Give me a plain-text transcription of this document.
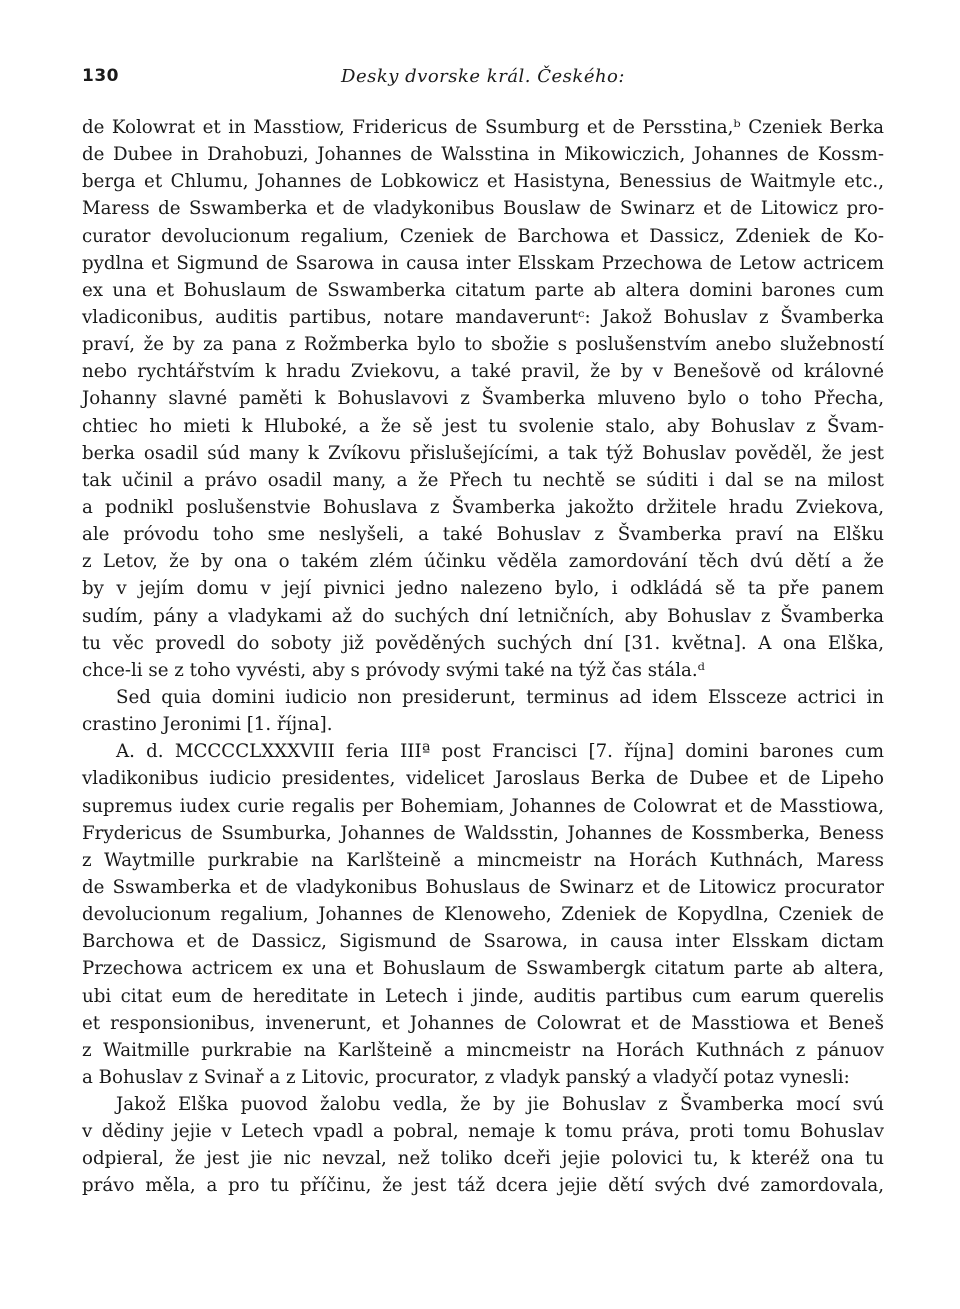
130	Desky dvorske král. Českého:
de Kolowrat et in Masstiow, Fridericus de Ssumburg et de Persstina,ᵇ Czeniek Berka
de Dubee in Drahobuzi, Johannes de Walsstina in Mikowiczich, Johannes de Kossm-
berga et Chlumu, Johannes de Lobkowicz et Hasistyna, Benessius de Waitmyle etc.,
Maress de Sswamberka et de vladykonibus Bouslaw de Swinarz et de Litowicz pro-
curator devolucionum regalium, Czeniek de Barchowa et Dassicz, Zdeniek de Ko-
pydlna et Sigmund de Ssarowa in causa inter Elsskam Przechowa de Letow actricem
ex una et Bohuslaum de Sswamberka citatum parte ab altera domini barones cum
vladiconibus, auditis partibus, notare mandaveruntᶜ: Jakož Bohuslav z Švamberka
praví, že by za pana z Rožmberka bylo to sbožie s poslušenstvím anebo služebností
nebo rychtářstvím k hradu Zviekovu, a také pravil, že by v Benešově od královné
Johanny slavné paměti k Bohuslavovi z Švamberka mluveno bylo o toho Přecha,
chtiec ho mieti k Hluboké, a že sě jest tu svolenie stalo, aby Bohuslav z Švam-
berka osadil súd many k Zvíkovu přislušejícími, a tak týž Bohuslav pověděl, že jest
tak učinil a právo osadil many, a že Přech tu nechtě se súditi i dal se na milost
a podnikl poslušenstvie Bohuslava z Švamberka jakožto držitele hradu Zviekova,
ale próvodu toho sme neslyšeli, a také Bohuslav z Švamberka praví na Elšku
z Letov, že by ona o takém zlém účinku věděla zamordování těch dvú dětí a že
by v jejím domu v její pivnici jedno nalezeno bylo, i odkládá sě ta pře panem
sudím, pány a vladykami až do suchých dní letničních, aby Bohuslav z Švamberka
tu věc provedl do soboty již pověděných suchých dní [31. května]. A ona Elška,
chce-li se z toho vyvésti, aby s próvody svými také na týž čas stála.ᵈ
Sed quia domini iudicio non presiderunt, terminus ad idem Elssceze actrici in
crastino Jeronimi [1. října].
A. d. MCCCCLXXXVIII feria IIIª post Francisci [7. října] domini barones cum
vladikonibus iudicio presidentes, videlicet Jaroslaus Berka de Dubee et de Lipeho
supremus iudex curie regalis per Bohemiam, Johannes de Colowrat et de Masstiowa,
Frydericus de Ssumburka, Johannes de Waldsstin, Johannes de Kossmberka, Beness
z Waytmille purkrabie na Karlšteině a mincmeistr na Horách Kuthnách, Maress
de Sswamberka et de vladykonibus Bohuslaus de Swinarz et de Litowicz procurator
devolucionum regalium, Johannes de Klenoweho, Zdeniek de Kopydlna, Czeniek de
Barchowa et de Dassicz, Sigismund de Ssarowa, in causa inter Elsskam dictam
Przechowa actricem ex una et Bohuslaum de Sswambergk citatum parte ab altera,
ubi citat eum de hereditate in Letech i jinde, auditis partibus cum earum querelis
et responsionibus, invenerunt, et Johannes de Colowrat et de Masstiowa et Beneš
z Waitmille purkrabie na Karlšteině a mincmeistr na Horách Kuthnách z pánuov
a Bohuslav z Svinař a z Litovic, procurator, z vladyk panský a vladyčí potaz vynesli:
Jakož Elška puovod žalobu vedla, že by jie Bohuslav z Švamberka mocí svú
v dědiny jejie v Letech vpadl a pobral, nemaje k tomu práva, proti tomu Bohuslav
odpieral, že jest jie nic nevzal, než toliko dceři jejie polovici tu, k kteréž ona tu
právo měla, a pro tu příčinu, že jest táž dcera jejie dětí svých dvé zamordovala,
